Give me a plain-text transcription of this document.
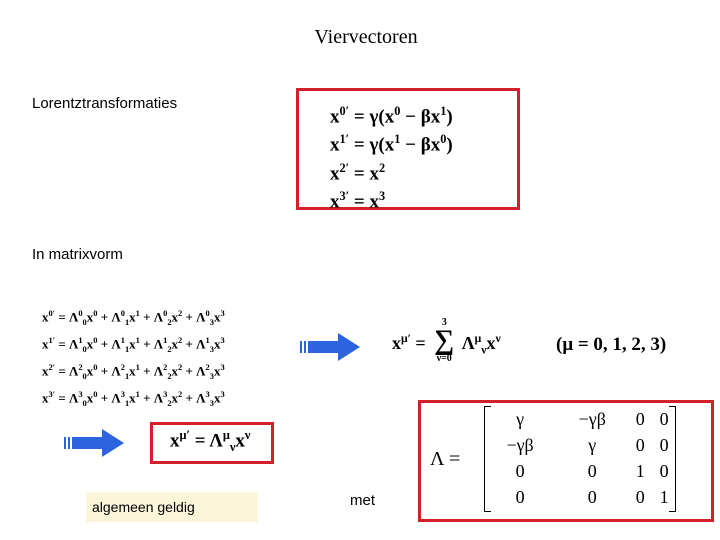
Viervectoren
Lorentztransformaties
$x^{0'} = \gamma(x^0 - \beta x^1)$
$x^{1'} = \gamma(x^1 - \beta x^0)$
$x^{2'} = x^2$
$x^{3'} = x^3$
In matrixvorm
$x^{0'} = \Lambda^0_0x^0 + \Lambda^0_1x^1 + \Lambda^0_2x^2 + \Lambda^0_3x^3$
$x^{1'} = \Lambda^1_0x^0 + \Lambda^1_1x^1 + \Lambda^1_2x^2 + \Lambda^1_3x^3$
$x^{2'} = \Lambda^2_0x^0 + \Lambda^2_1x^1 + \Lambda^2_2x^2 + \Lambda^2_3x^3$
$x^{3'} = \Lambda^3_0x^0 + \Lambda^3_1x^1 + \Lambda^3_2x^2 + \Lambda^3_3x^3$
$x^{\mu'}$ =
3
∑
ν=0
$\Lambda^\mu_\nu x^\nu$	(μ = 0, 1, 2, 3)
$x^{\mu'} = \Lambda^\mu_\nu x^\nu$
algemeen geldig	met
Λ =
γ	−γβ	0	0
−γβ	γ	0	0
0	0	1	0
0	0	0	1
